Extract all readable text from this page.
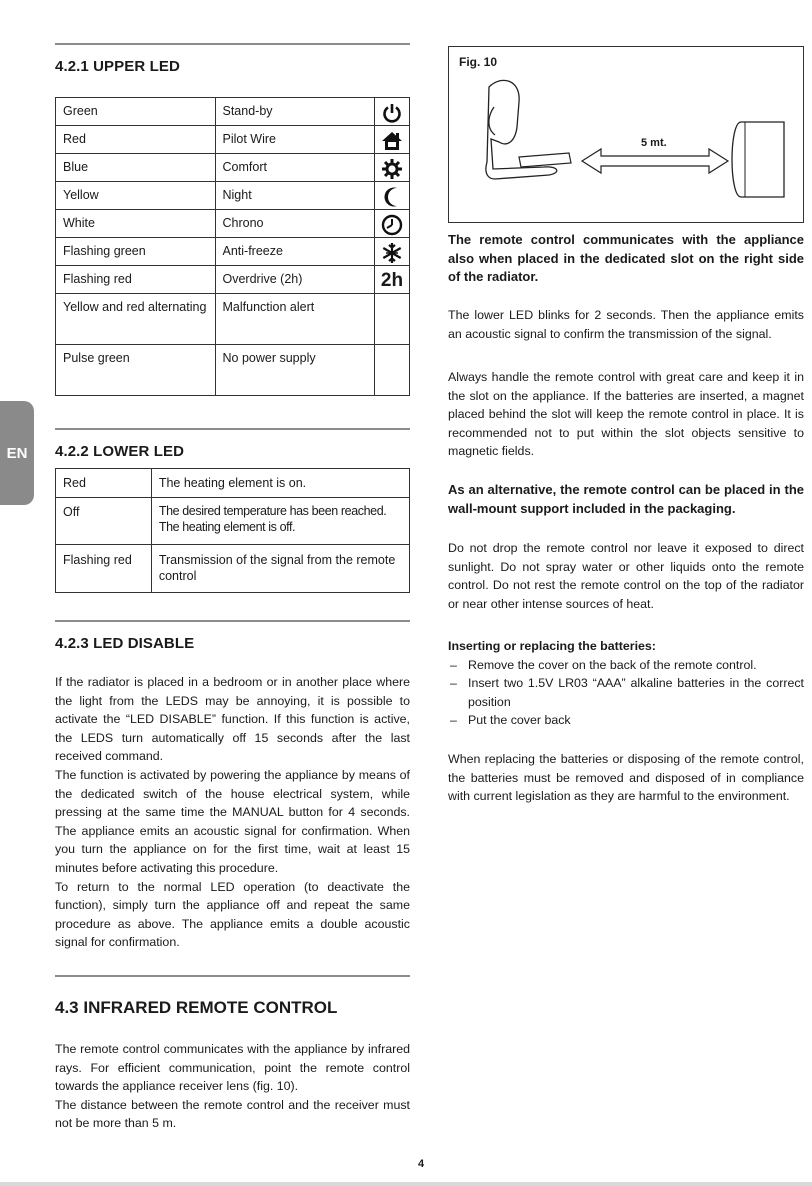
EN
4.2.1 UPPER LED
Green	Stand-by	

Red	Pilot Wire	

Blue	Comfort	

Yellow	Night	

White	Chrono	

Flashing green	Anti-freeze	

Flashing red	Overdrive (2h)	2h
Yellow and red alternating	Malfunction alert	
Pulse green	No power supply	
4.2.2 LOWER LED
Red	The heating element is on.
Off	The desired temperature has been reached. The heating element is off.
Flashing red	Transmission of the signal from the remote control
4.2.3 LED DISABLE

If the radiator is placed in a bedroom or in another place where the light from the LEDS may be annoying, it is possible to activate the “LED DISABLE” function. If this function is active, the LEDS turn automatically off 15 seconds after the last received command.

The function is activated by powering the appliance by means of the dedicated switch of the house electrical system, while pressing at the same time the MANUAL button for 4 seconds. The appliance emits an acoustic signal for confirmation. When you turn the appliance on for the first time, wait at least 15 minutes before activating this procedure.

To return to the normal LED operation (to deactivate the function), simply turn the appliance off and repeat the same procedure as above. The appliance emits a double acoustic signal for confirmation.

4.3 INFRARED REMOTE CONTROL

The remote control communicates with the appliance by infrared rays. For efficient communication, point the remote control towards the appliance receiver lens (fig. 10).

The distance between the remote control and the receiver must not be more than 5 m.

Fig. 10
5 mt.
The remote control communicates with the appliance also when placed in the dedicated slot on the right side of the radiator.
The lower LED blinks for 2 seconds. Then the appliance emits an acoustic signal to confirm the transmission of the signal.
Always handle the remote control with great care and keep it in the slot on the appliance. If the batteries are inserted, a magnet placed behind the slot will keep the remote control in place. It is recommended not to put within the slot objects sensitive to magnetic fields.
As an alternative, the remote control can be placed in the wall-mount support included in the packaging.
Do not drop the remote control nor leave it exposed to direct sunlight. Do not spray water or other liquids onto the remote control. Do not rest the remote control on the top of the radiator or near other intense sources of heat.
Inserting or replacing the batteries:
– Remove the cover on the back of the remote control.
– Insert two 1.5V LR03 “AAA” alkaline batteries in the correct position
– Put the cover back
When replacing the batteries or disposing of the remote control, the batteries must be removed and disposed of in compliance with current legislation as they are harmful to the environment.
4
